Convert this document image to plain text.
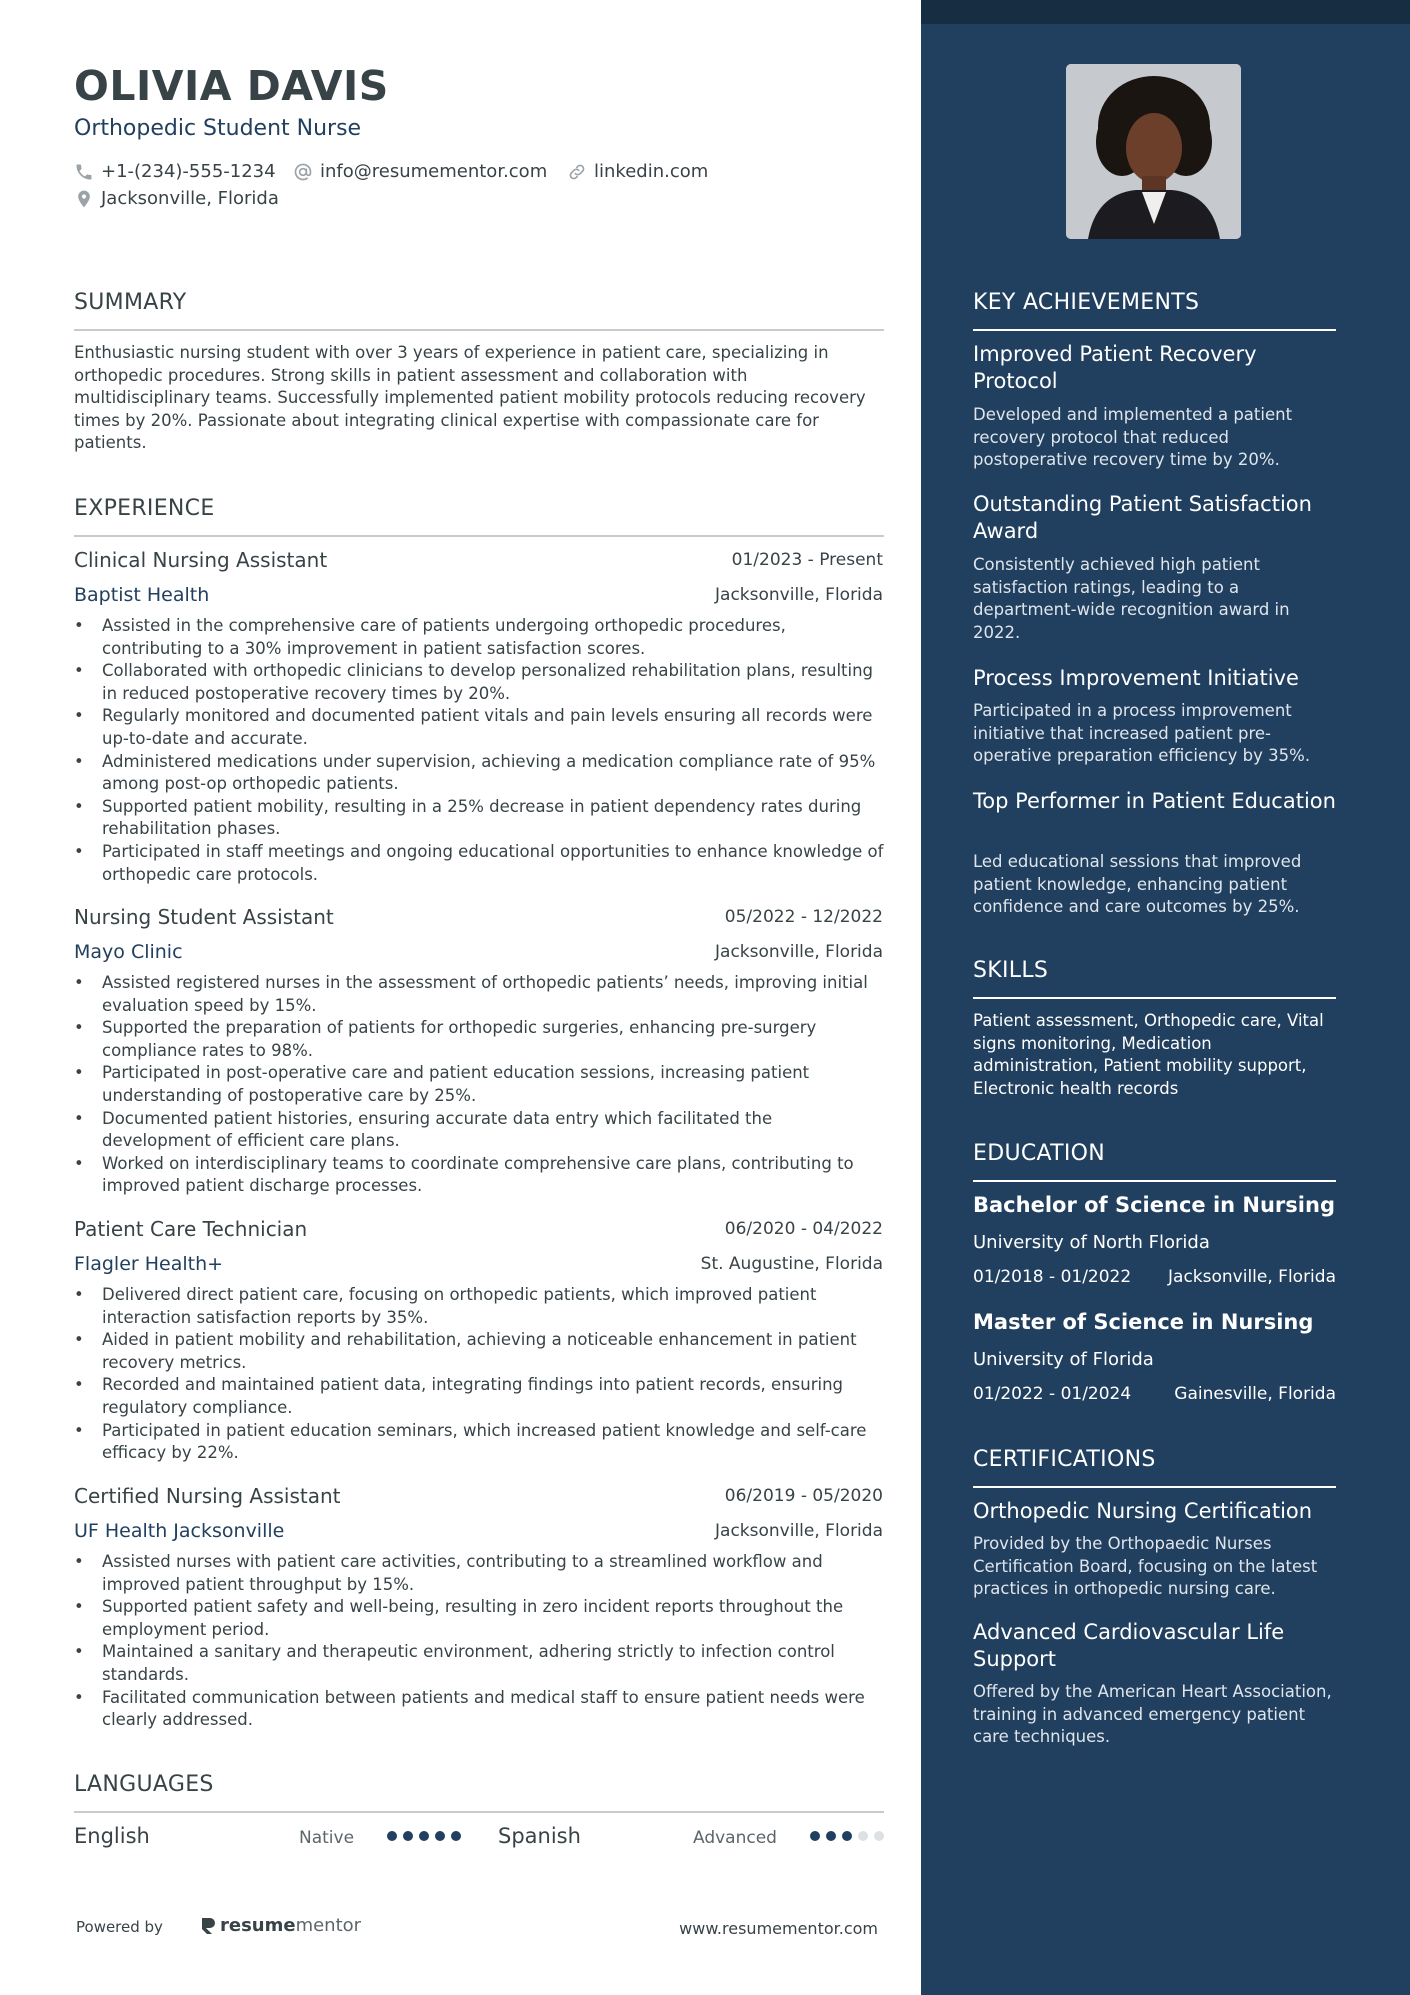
OLIVIA DAVIS
Orthopedic Student Nurse
+1-(234)-555-1234 info@resumementor.com	linkedin.com
Jacksonville, Florida
SUMMARY
Enthusiastic nursing student with over 3 years of experience in patient care, specializing in orthopedic procedures. Strong skills in patient assessment and collaboration with multidisciplinary teams. Successfully implemented patient mobility protocols reducing recovery times by 20%. Passionate about integrating clinical expertise with compassionate care for patients.
EXPERIENCE
Clinical Nursing Assistant	01/2023 - Present
Baptist Health	Jacksonville, Florida
• Assisted in the comprehensive care of patients undergoing orthopedic procedures, contributing to a 30% improvement in patient satisfaction scores.
• Collaborated with orthopedic clinicians to develop personalized rehabilitation plans, resulting in reduced postoperative recovery times by 20%.
• Regularly monitored and documented patient vitals and pain levels ensuring all records were up-to-date and accurate.
• Administered medications under supervision, achieving a medication compliance rate of 95% among post-op orthopedic patients.
• Supported patient mobility, resulting in a 25% decrease in patient dependency rates during rehabilitation phases.
• Participated in staff meetings and ongoing educational opportunities to enhance knowledge of orthopedic care protocols.
Nursing Student Assistant	05/2022 - 12/2022
Mayo Clinic	Jacksonville, Florida
• Assisted registered nurses in the assessment of orthopedic patients’ needs, improving initial evaluation speed by 15%.
• Supported the preparation of patients for orthopedic surgeries, enhancing pre-surgery compliance rates to 98%.
• Participated in post-operative care and patient education sessions, increasing patient understanding of postoperative care by 25%.
• Documented patient histories, ensuring accurate data entry which facilitated the development of efficient care plans.
• Worked on interdisciplinary teams to coordinate comprehensive care plans, contributing to improved patient discharge processes.
Patient Care Technician	06/2020 - 04/2022
Flagler Health+	St. Augustine, Florida
• Delivered direct patient care, focusing on orthopedic patients, which improved patient interaction satisfaction reports by 35%.
• Aided in patient mobility and rehabilitation, achieving a noticeable enhancement in patient recovery metrics.
• Recorded and maintained patient data, integrating findings into patient records, ensuring regulatory compliance.
• Participated in patient education seminars, which increased patient knowledge and self-care efficacy by 22%.
Certified Nursing Assistant	06/2019 - 05/2020
UF Health Jacksonville	Jacksonville, Florida
• Assisted nurses with patient care activities, contributing to a streamlined workflow and improved patient throughput by 15%.
• Supported patient safety and well-being, resulting in zero incident reports throughout the employment period.
• Maintained a sanitary and therapeutic environment, adhering strictly to infection control standards.
• Facilitated communication between patients and medical staff to ensure patient needs were clearly addressed.
LANGUAGES
English	Native	Spanish	Advanced
Powered by	resume mentor	www.resumementor.com
KEY ACHIEVEMENTS
Improved Patient Recovery Protocol
Developed and implemented a patient recovery protocol that reduced postoperative recovery time by 20%.
Outstanding Patient Satisfaction Award
Consistently achieved high patient satisfaction ratings, leading to a department-wide recognition award in 2022.
Process Improvement Initiative
Participated in a process improvement initiative that increased patient pre-operative preparation efficiency by 35%.
Top Performer in Patient Education
Led educational sessions that improved patient knowledge, enhancing patient confidence and care outcomes by 25%.
SKILLS
Patient assessment, Orthopedic care, Vital signs monitoring, Medication administration, Patient mobility support, Electronic health records
EDUCATION
Bachelor of Science in Nursing
University of North Florida
01/2018 - 01/2022 Jacksonville, Florida
Master of Science in Nursing
University of Florida
01/2022 - 01/2024	Gainesville, Florida
CERTIFICATIONS
Orthopedic Nursing Certification
Provided by the Orthopaedic Nurses Certification Board, focusing on the latest practices in orthopedic nursing care.
Advanced Cardiovascular Life Support
Offered by the American Heart Association, training in advanced emergency patient care techniques.
